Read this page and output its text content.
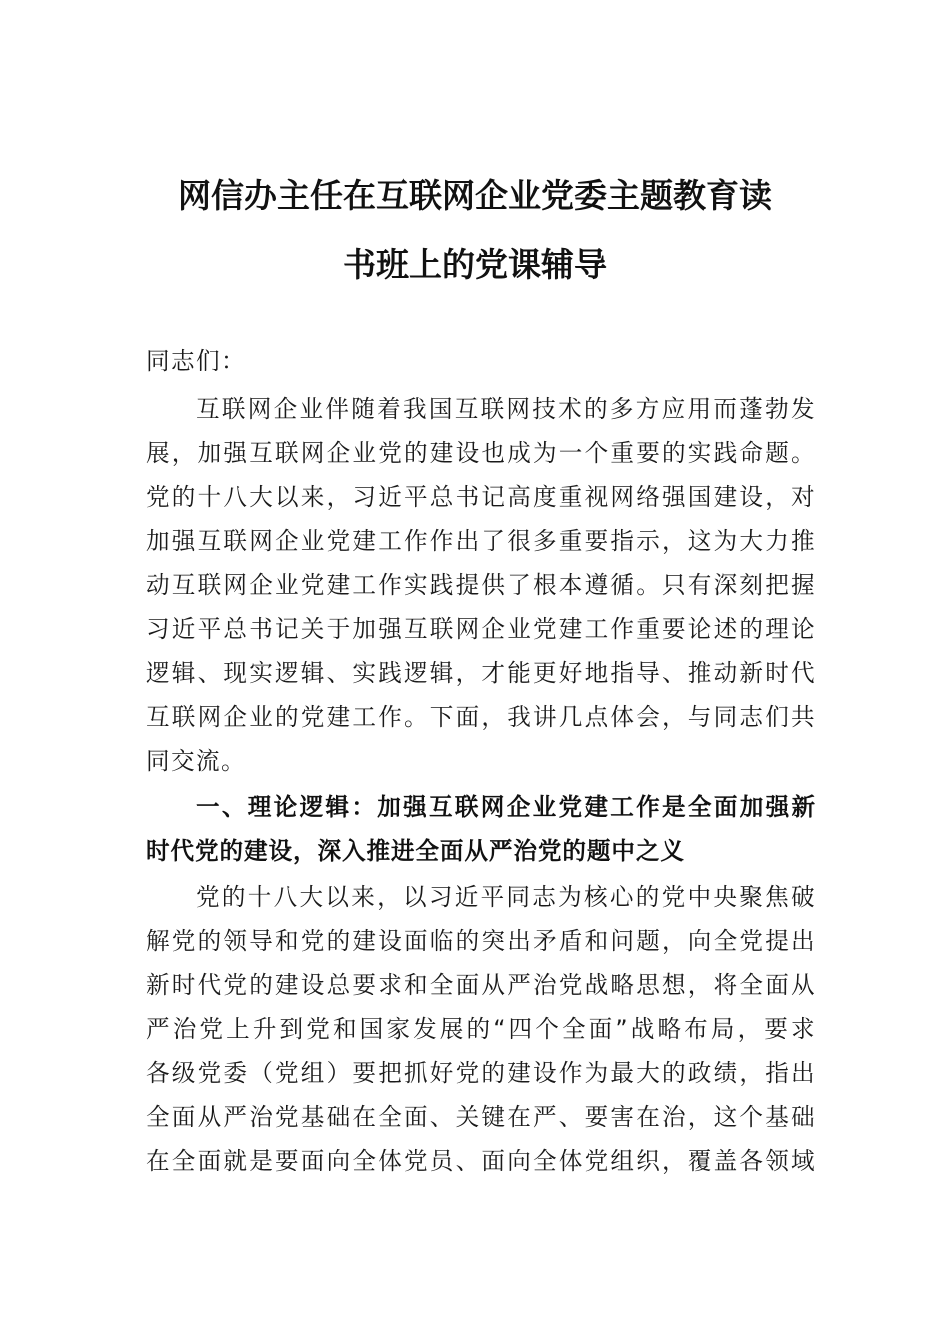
网信办主任在互联网企业党委主题教育读
书班上的党课辅导
同志们：
互联网企业伴随着我国互联网技术的多方应用而蓬勃发
展，加强互联网企业党的建设也成为一个重要的实践命题。
党的十八大以来，习近平总书记高度重视网络强国建设，对
加强互联网企业党建工作作出了很多重要指示，这为大力推
动互联网企业党建工作实践提供了根本遵循。只有深刻把握
习近平总书记关于加强互联网企业党建工作重要论述的理论
逻辑、现实逻辑、实践逻辑，才能更好地指导、推动新时代
互联网企业的党建工作。下面，我讲几点体会，与同志们共
同交流。
一、理论逻辑：加强互联网企业党建工作是全面加强新
时代党的建设，深入推进全面从严治党的题中之义
党的十八大以来，以习近平同志为核心的党中央聚焦破
解党的领导和党的建设面临的突出矛盾和问题，向全党提出
新时代党的建设总要求和全面从严治党战略思想，将全面从
严治党上升到党和国家发展的“四个全面”战略布局，要求
各级党委（党组）要把抓好党的建设作为最大的政绩，指出
全面从严治党基础在全面、关键在严、要害在治，这个基础
在全面就是要面向全体党员、面向全体党组织，覆盖各领域
